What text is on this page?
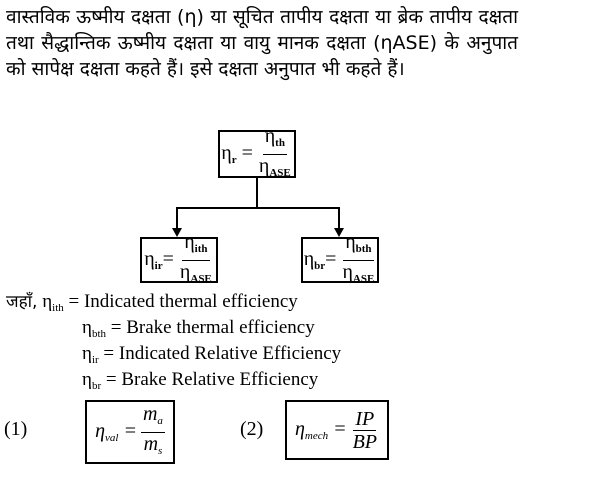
वास्तविक ऊष्मीय दक्षता (η) या सूचित तापीय दक्षता या ब्रेक तापीय दक्षता तथा सैद्धान्तिक ऊष्मीय दक्षता या वायु मानक दक्षता (ηASE) के अनुपात को सापेक्ष दक्षता कहते हैं। इसे दक्षता अनुपात भी कहते हैं।
$\eta_r = \frac{\eta_{th}}{\eta_{ASE}}$
$\eta_{ir}= \frac{\eta_{ith}}{\eta_{ASE}}$	$\eta_{br}= \frac{\eta_{bth}}{\eta_{ASE}}$
जहाँ, $\eta_{ith}$ = Indicated thermal efficiency
$\eta_{bth}$ = Brake thermal efficiency
$\eta_{ir}$ = Indicated Relative Efficiency
$\eta_{br}$ = Brake Relative Efficiency
(1)	$\eta_{val} = \frac{m_a}{m_s}$	(2) $\eta_{mech} = \frac{IP}{BP}$
